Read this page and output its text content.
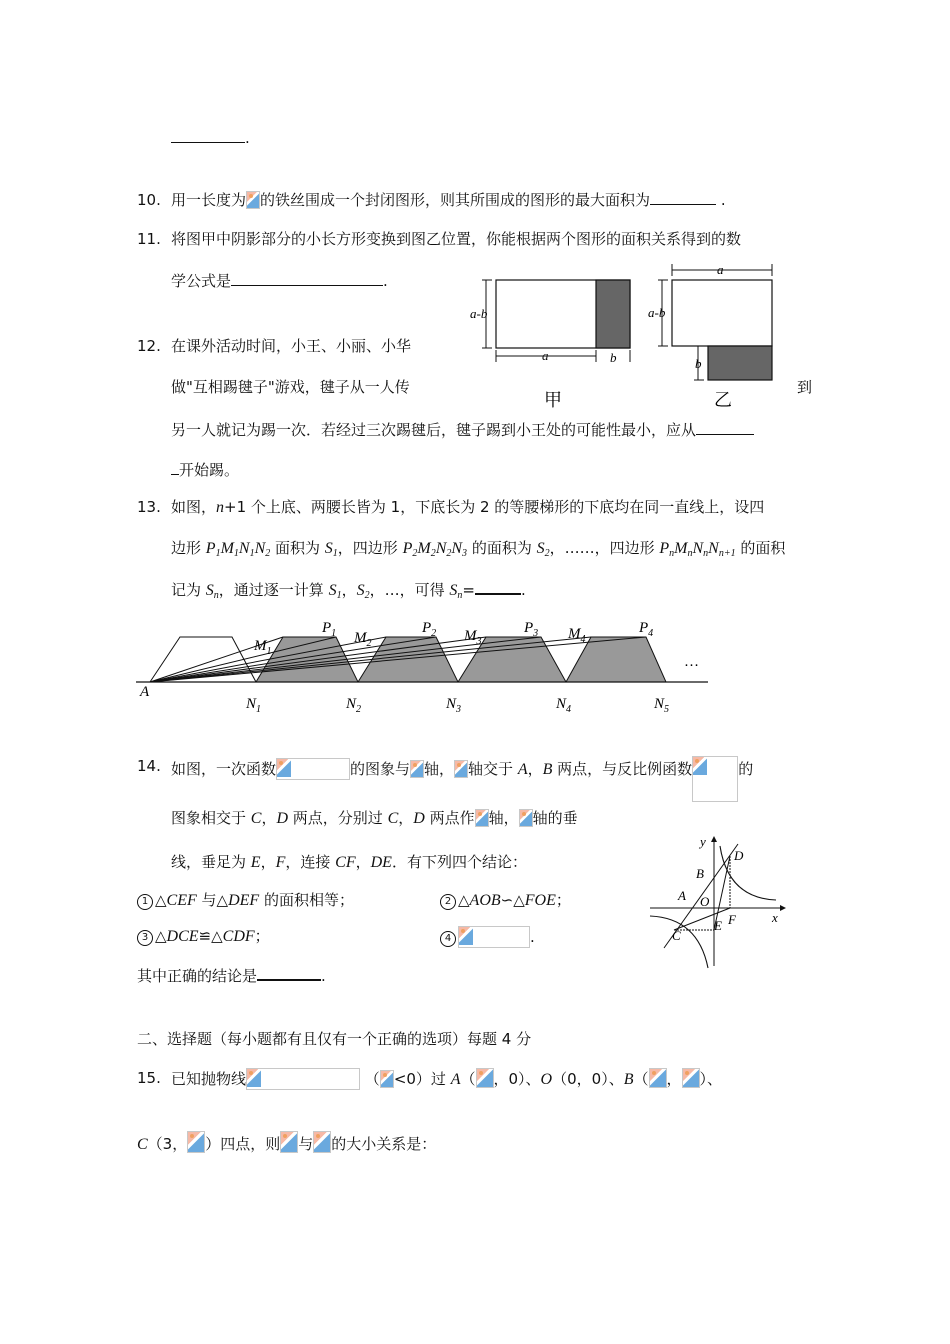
.
10. 用一长度为 的铁丝围成一个封闭图形，则其所围成的图形的最大面积为	.
11. 将图甲中阴影部分的小长方形变换到图乙位置，你能根据两个图形的面积关系得到的数
学公式是	.
a-b
a	b
甲
a
a-b
b
乙
12. 在课外活动时间，小王、小丽、小华
做"互相踢毽子"游戏，毽子从一人传	到
另一人就记为踢一次．若经过三次踢毽后，毽子踢到小王处的可能性最小，应从
开始踢。
13. 如图，n+1 个上底、两腰长皆为 1，下底长为 2 的等腰梯形的下底均在同一直线上，设四
边形 $P_1M_1N_1N_2$ 面积为 $S_1$，四边形 $P_2M_2N_2N_3$ 的面积为 $S_2$，……，四边形 $P_nM_nN_nN_{n+1}$ 的面积
记为 $S_n$，通过逐一计算 $S_1$，$S_2$，…，可得 $S_n=$	.
A
…
$P_1$	$P_2$	$P_3$	$P_4$
$M_1$
$M_2$	$M_3$	$M_4$
$N_1$	$N_2$	$N_3$	$N_4$	$N_5$
14. 如图，一次函数	的图象与 轴， 轴交于 A，B 两点，与反比例函数	的
图象相交于 C，D 两点，分别过 C，D 两点作 轴， 轴的垂
线，垂足为 E，F，连接 CF，DE．有下列四个结论：
1 △CEF 与△DEF 的面积相等；	2 △AOB∽△FOE；
3 △DCE≌△CDF；	4	.
其中正确的结论是	.
y
x
D
B
A O
F
E
C
二、选择题（每小题都有且仅有一个正确的选项）每题 4 分
15. 已知抛物线	（ <0）过 A（ ，0）、O（0，0）、B（ ， ）、
C（3， ）四点，则 与 的大小关系是：
